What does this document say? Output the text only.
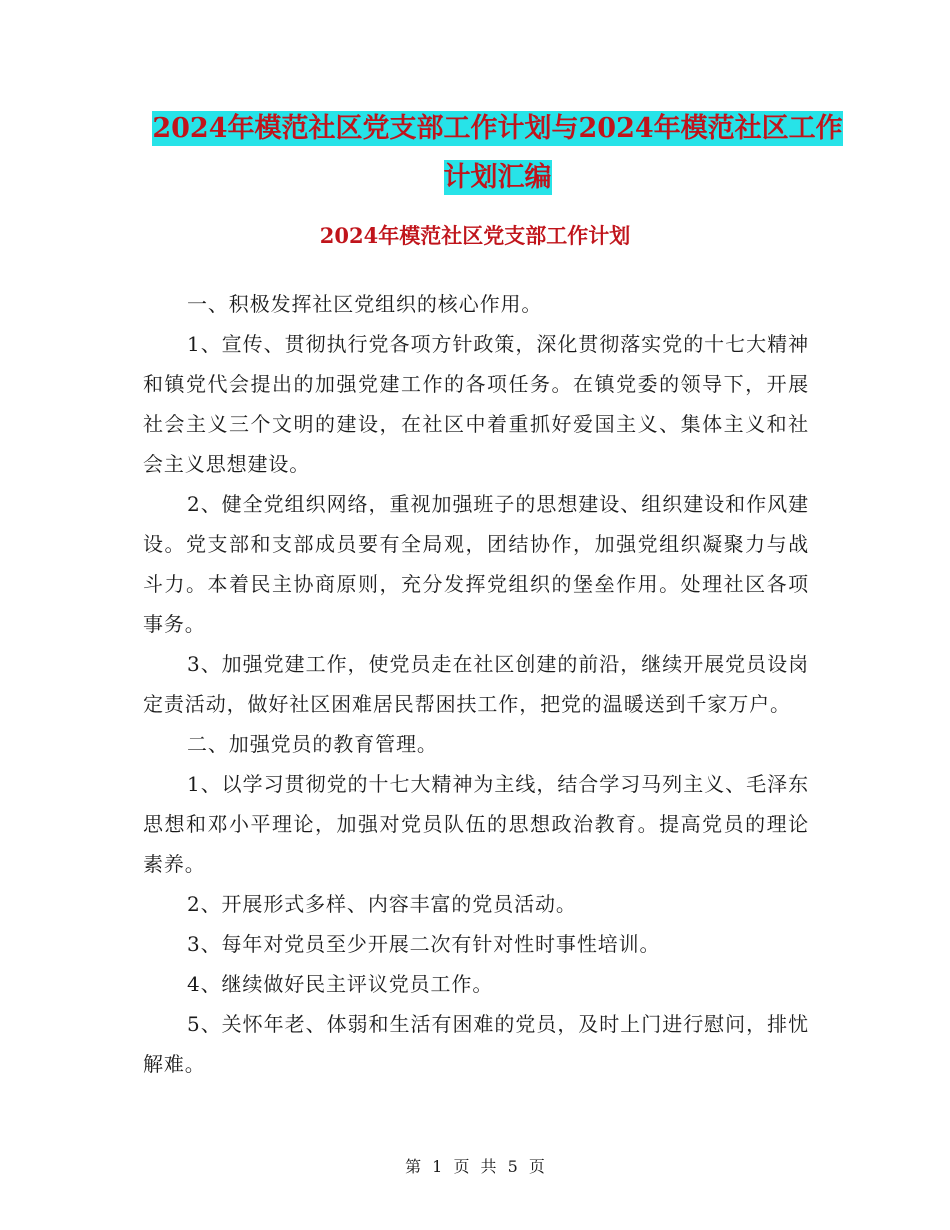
2024年模范社区党支部工作计划与2024年模范社区工作计划汇编
2024年模范社区党支部工作计划

一、积极发挥社区党组织的核心作用。

1、宣传、贯彻执行党各项方针政策，深化贯彻落实党的十七大精神和镇党代会提出的加强党建工作的各项任务。在镇党委的领导下，开展社会主义三个文明的建设，在社区中着重抓好爱国主义、集体主义和社会主义思想建设。

2、健全党组织网络，重视加强班子的思想建设、组织建设和作风建设。党支部和支部成员要有全局观，团结协作，加强党组织凝聚力与战斗力。本着民主协商原则，充分发挥党组织的堡垒作用。处理社区各项事务。

3、加强党建工作，使党员走在社区创建的前沿，继续开展党员设岗定责活动，做好社区困难居民帮困扶工作，把党的温暖送到千家万户。

二、加强党员的教育管理。

1、以学习贯彻党的十七大精神为主线，结合学习马列主义、毛泽东思想和邓小平理论，加强对党员队伍的思想政治教育。提高党员的理论素养。

2、开展形式多样、内容丰富的党员活动。

3、每年对党员至少开展二次有针对性时事性培训。

4、继续做好民主评议党员工作。

5、关怀年老、体弱和生活有困难的党员，及时上门进行慰问，排忧解难。

第 1 页 共 5 页
